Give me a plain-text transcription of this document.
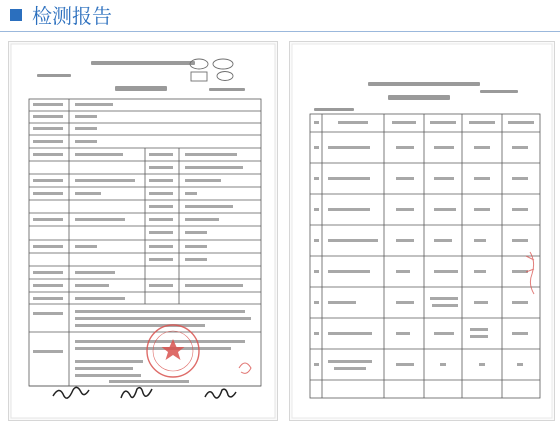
检测报告
